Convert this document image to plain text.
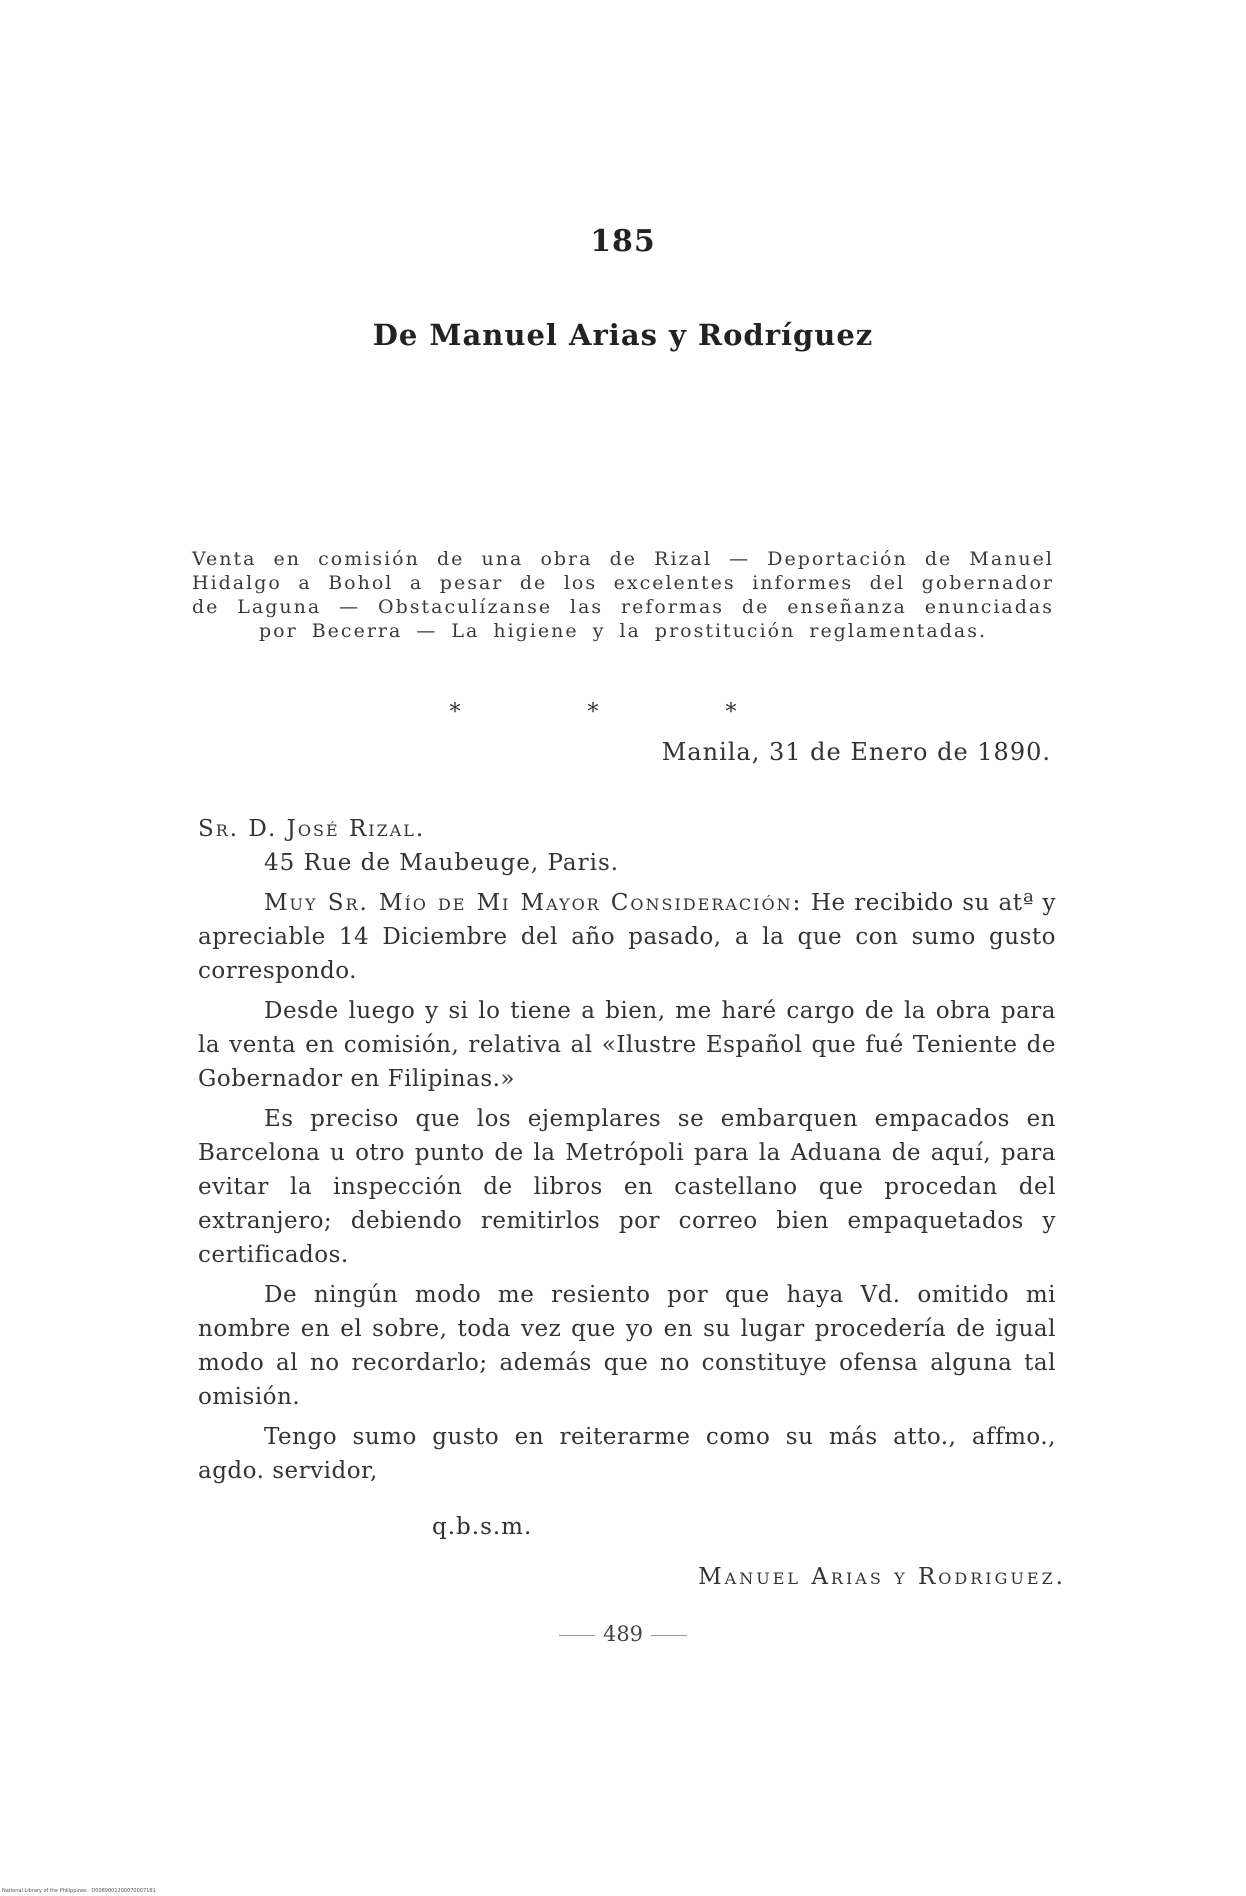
185
De Manuel Arias y Rodríguez

Venta en comisión de una obra de Rizal — Deportación de Manuel Hidalgo a Bohol a pesar de los excelentes informes del gobernador de Laguna — Obstaculízanse las reformas de enseñanza enunciadas por Becerra — La higiene y la prostitución reglamentadas.

* * *
Manila, 31 de Enero de 1890.
Sr. D. José Rizal.
45 Rue de Maubeuge, Paris.

Muy Sr. Mío de Mi Mayor Consideración: He recibido su atª y apreciable 14 Diciembre del año pasado, a la que con sumo gusto correspondo.

Desde luego y si lo tiene a bien, me haré cargo de la obra para la venta en comisión, relativa al «Ilustre Español que fué Teniente de Gobernador en Filipinas.»

Es preciso que los ejemplares se embarquen empacados en Barcelona u otro punto de la Metrópoli para la Aduana de aquí, para evitar la inspección de libros en castellano que procedan del extranjero; debiendo remitirlos por correo bien empaquetados y certificados.

De ningún modo me resiento por que haya Vd. omitido mi nombre en el sobre, toda vez que yo en su lugar procedería de igual modo al no recordarlo; además que no constituye ofensa alguna tal omisión.

Tengo sumo gusto en reiterarme como su más atto., affmo., agdo. servidor,

q.b.s.m.
Manuel Arias y Rodriguez.
489
National Library of the Philippines · D0089001200070007181
